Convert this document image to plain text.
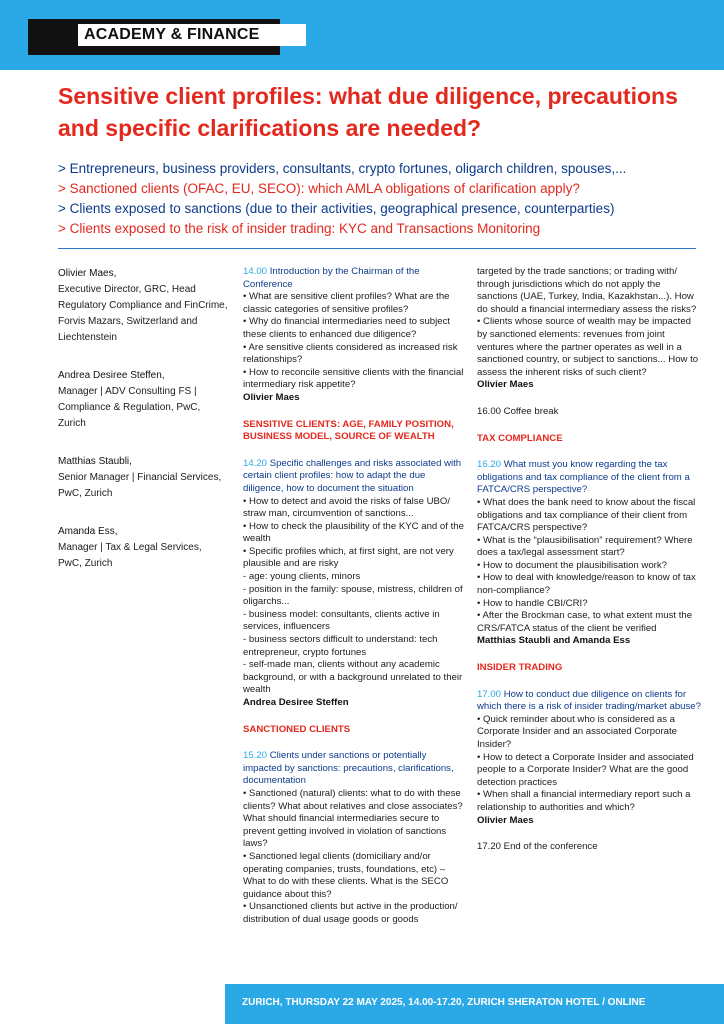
ACADEMY & FINANCE
Sensitive client profiles: what due diligence, precautions and specific clarifications are needed?
> Entrepreneurs, business providers, consultants, crypto fortunes, oligarch children, spouses,...
> Sanctioned clients (OFAC, EU, SECO): which AMLA obligations of clarification apply?
> Clients exposed to sanctions (due to their activities, geographical presence, counterparties)
> Clients exposed to the risk of insider trading: KYC and Transactions Monitoring
Olivier Maes,
Executive Director, GRC, Head Regulatory Compliance and FinCrime, Forvis Mazars, Switzerland and Liechtenstein
Andrea Desiree Steffen,
Manager | ADV Consulting FS | Compliance & Regulation, PwC, Zurich
Matthias Staubli,
Senior Manager | Financial Services, PwC, Zurich
Amanda Ess,
Manager | Tax & Legal Services, PwC, Zurich
14.00 Introduction by the Chairman of the Conference
• What are sensitive client profiles? What are the classic categories of sensitive profiles?
• Why do financial intermediaries need to subject these clients to enhanced due diligence?
• Are sensitive clients considered as increased risk relationships?
• How to reconcile sensitive clients with the financial intermediary risk appetite?
Olivier Maes
SENSITIVE CLIENTS: AGE, FAMILY POSITION, BUSINESS MODEL, SOURCE OF WEALTH
14.20 Specific challenges and risks associated with certain client profiles: how to adapt the due diligence, how to document the situation
• How to detect and avoid the risks of false UBO/ straw man, circumvention of sanctions...
• How to check the plausibility of the KYC and of the wealth
• Specific profiles which, at first sight, are not very plausible and are risky
- age: young clients, minors
- position in the family: spouse, mistress, children of oligarchs...
- business model: consultants, clients active in services, influencers
- business sectors difficult to understand: tech entrepreneur, crypto fortunes
- self-made man, clients without any academic background, or with a background unrelated to their wealth
Andrea Desiree Steffen
SANCTIONED CLIENTS
15.20 Clients under sanctions or potentially impacted by sanctions: precautions, clarifications, documentation
• Sanctioned (natural) clients: what to do with these clients? What about relatives and close associates? What should financial intermediaries secure to prevent getting involved in violation of sanctions laws?
• Sanctioned legal clients (domiciliary and/or operating companies, trusts, foundations, etc) – What to do with these clients. What is the SECO guidance about this?
• Unsanctioned clients but active in the production/ distribution of dual usage goods or goods
targeted by the trade sanctions; or trading with/ through jurisdictions which do not apply the sanctions (UAE, Turkey, India, Kazakhstan...). How do should a financial intermediary assess the risks?
• Clients whose source of wealth may be impacted by sanctioned elements: revenues from joint ventures where the partner operates as well in a sanctioned country, or subject to sanctions... How to assess the inherent risks of such client?
Olivier Maes
16.00 Coffee break
TAX COMPLIANCE
16.20 What must you know regarding the tax obligations and tax compliance of the client from a FATCA/CRS perspective?
• What does the bank need to know about the fiscal obligations and tax compliance of their client from FATCA/CRS perspective?
• What is the “plausibilisation” requirement? Where does a tax/legal assessment start?
• How to document the plausibilisation work?
• How to deal with knowledge/reason to know of tax non-compliance?
• How to handle CBI/CRI?
• After the Brockman case, to what extent must the CRS/FATCA status of the client be verified
Matthias Staubli and Amanda Ess
INSIDER TRADING
17.00 How to conduct due diligence on clients for which there is a risk of insider trading/market abuse?
• Quick reminder about who is considered as a Corporate Insider and an associated Corporate Insider?
• How to detect a Corporate Insider and associated people to a Corporate Insider? What are the good detection practices
• When shall a financial intermediary report such a relationship to authorities and which?
Olivier Maes
17.20 End of the conference
ZURICH, THURSDAY 22 MAY 2025, 14.00-17.20, ZURICH SHERATON HOTEL / ONLINE
